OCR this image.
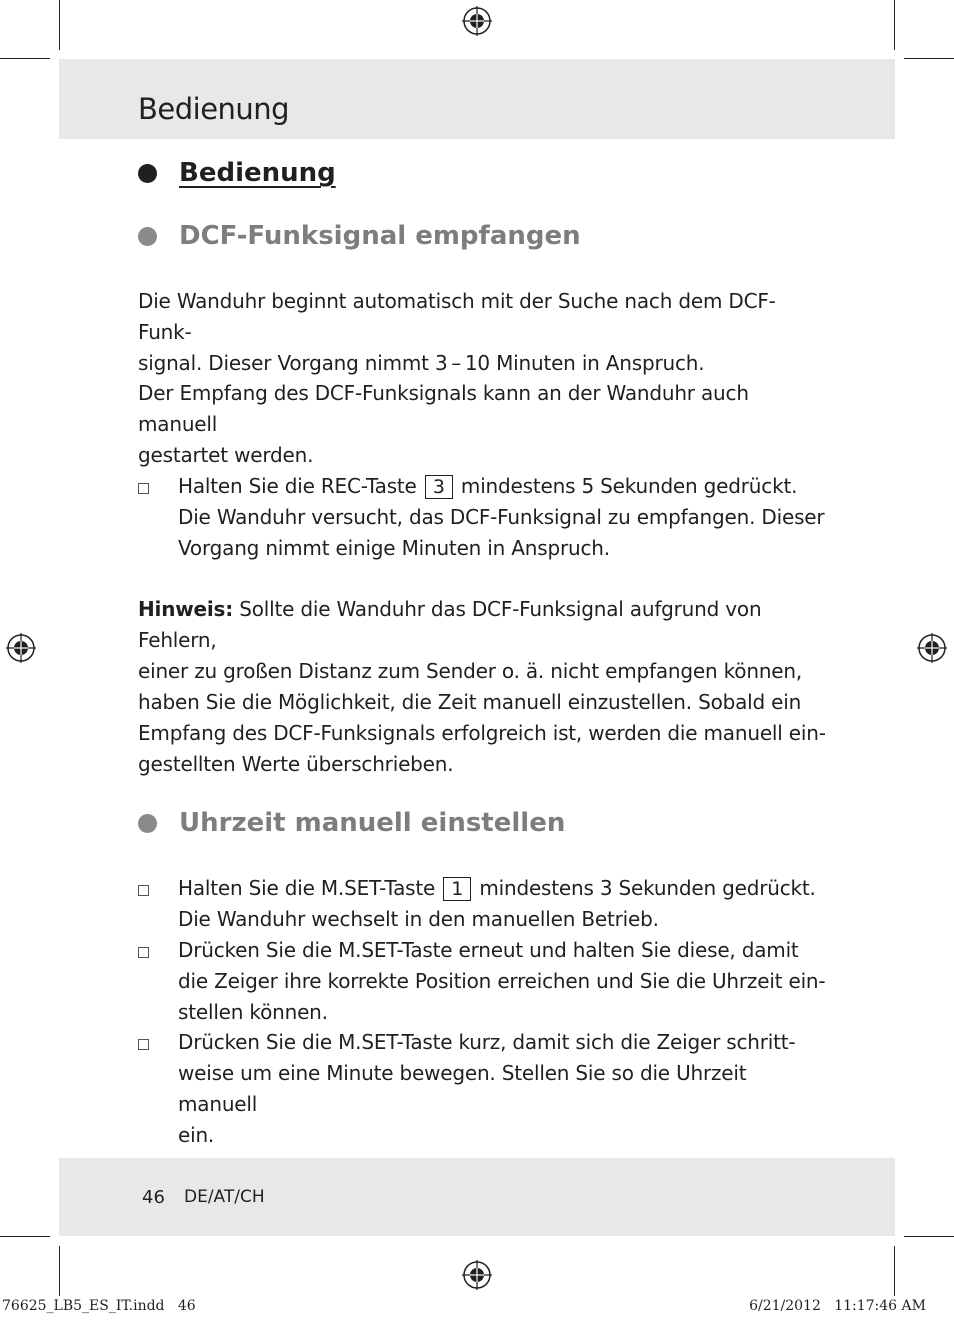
Bedienung
Bedienung
DCF-Funksignal empfangen
Die Wanduhr beginnt automatisch mit der Suche nach dem DCF-Funk-
signal. Dieser Vorgang nimmt 3 – 10 Minuten in Anspruch.
Der Empfang des DCF-Funksignals kann an der Wanduhr auch manuell
gestartet werden.
Halten Sie die REC-Taste 3 mindestens 5 Sekunden gedrückt.
Die Wanduhr versucht, das DCF-Funksignal zu empfangen. Dieser
Vorgang nimmt einige Minuten in Anspruch.
Hinweis: Sollte die Wanduhr das DCF-Funksignal aufgrund von Fehlern,
einer zu großen Distanz zum Sender o. ä. nicht empfangen können,
haben Sie die Möglichkeit, die Zeit manuell einzustellen. Sobald ein
Empfang des DCF-Funksignals erfolgreich ist, werden die manuell ein-
gestellten Werte überschrieben.
Uhrzeit manuell einstellen
Halten Sie die M.SET-Taste 1 mindestens 3 Sekunden gedrückt.
Die Wanduhr wechselt in den manuellen Betrieb.
Drücken Sie die M.SET-Taste erneut und halten Sie diese, damit
die Zeiger ihre korrekte Position erreichen und Sie die Uhrzeit ein-
stellen können.
Drücken Sie die M.SET-Taste kurz, damit sich die Zeiger schritt-
weise um eine Minute bewegen. Stellen Sie so die Uhrzeit manuell
ein.
46 DE/AT/CH
76625_LB5_ES_IT.indd   46	6/21/2012   11:17:46 AM
